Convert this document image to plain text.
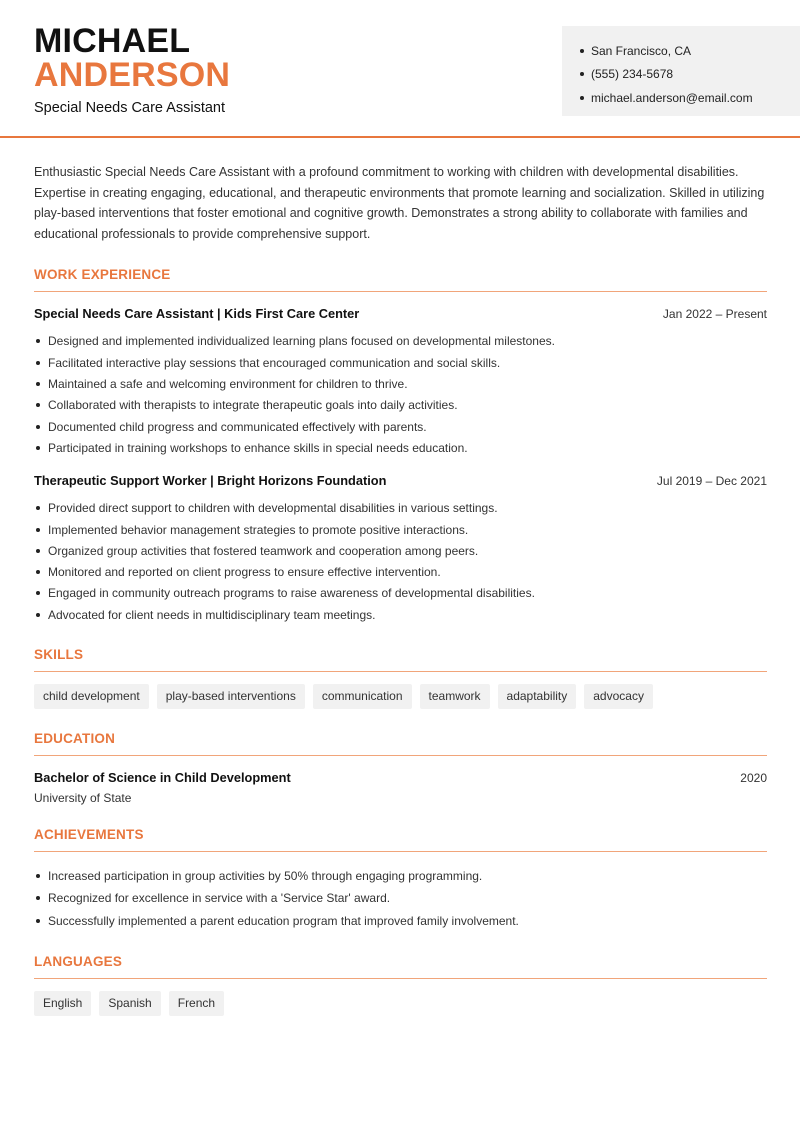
MICHAEL
ANDERSON
Special Needs Care Assistant
San Francisco, CA
(555) 234-5678
michael.anderson@email.com

Enthusiastic Special Needs Care Assistant with a profound commitment to working with children with developmental disabilities. Expertise in creating engaging, educational, and therapeutic environments that promote learning and socialization. Skilled in utilizing play-based interventions that foster emotional and cognitive growth. Demonstrates a strong ability to collaborate with families and educational professionals to provide comprehensive support.

WORK EXPERIENCE
Special Needs Care Assistant | Kids First Care Center	Jan 2022 – Present
Designed and implemented individualized learning plans focused on developmental milestones.
Facilitated interactive play sessions that encouraged communication and social skills.
Maintained a safe and welcoming environment for children to thrive.
Collaborated with therapists to integrate therapeutic goals into daily activities.
Documented child progress and communicated effectively with parents.
Participated in training workshops to enhance skills in special needs education.
Therapeutic Support Worker | Bright Horizons Foundation	Jul 2019 – Dec 2021
Provided direct support to children with developmental disabilities in various settings.
Implemented behavior management strategies to promote positive interactions.
Organized group activities that fostered teamwork and cooperation among peers.
Monitored and reported on client progress to ensure effective intervention.
Engaged in community outreach programs to raise awareness of developmental disabilities.
Advocated for client needs in multidisciplinary team meetings.
SKILLS
child development	play-based interventions	communication	teamwork	adaptability	advocacy
EDUCATION
Bachelor of Science in Child Development	2020
University of State
ACHIEVEMENTS
Increased participation in group activities by 50% through engaging programming.
Recognized for excellence in service with a 'Service Star' award.
Successfully implemented a parent education program that improved family involvement.
LANGUAGES
English	Spanish	French
